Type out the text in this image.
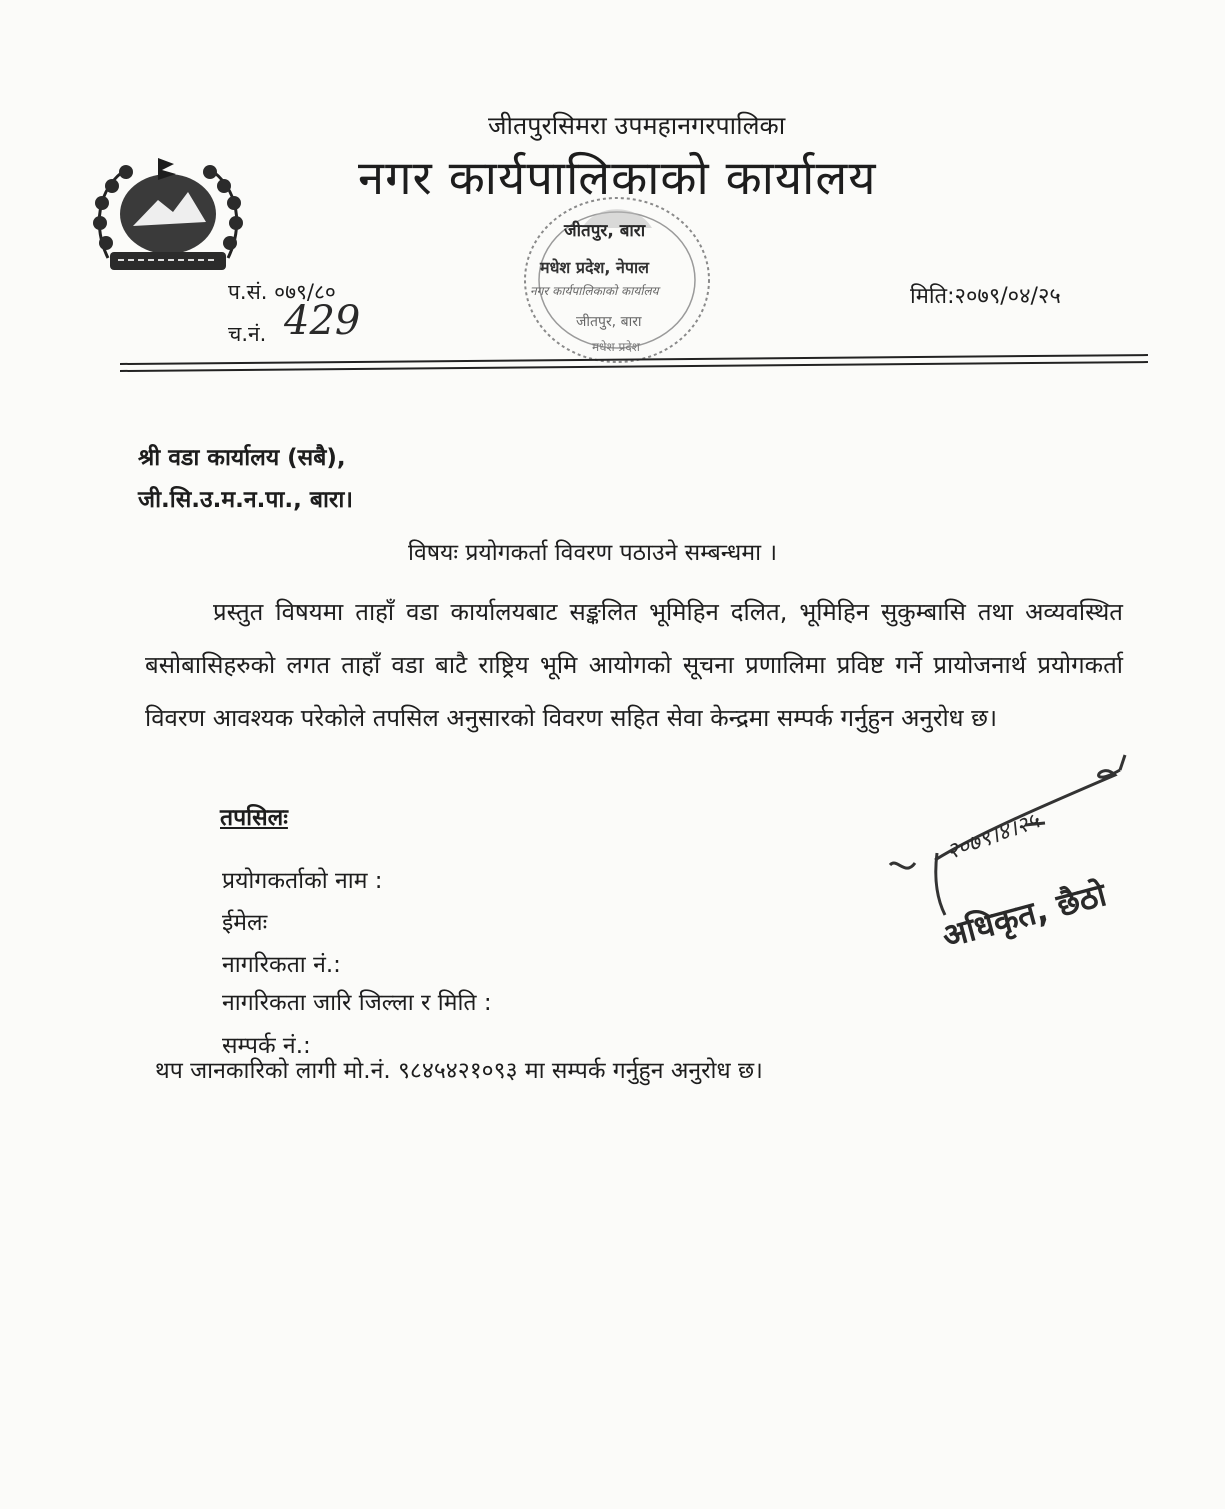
जीतपुरसिमरा उपमहानगरपालिका
नगर कार्यपालिकाको कार्यालय
जीतपुर, बारा
मधेश प्रदेश, नेपाल
नगर कार्यपालिकाको कार्यालय
जीतपुर, बारा
मधेश प्रदेश
प.सं. ०७९/८०
च.नं. 429
मिति:२०७९/०४/२५
श्री वडा कार्यालय (सबै),
जी.सि.उ.म.न.पा., बारा।
विषयः प्रयोगकर्ता विवरण पठाउने सम्बन्धमा ।
प्रस्तुत विषयमा ताहाँ वडा कार्यालयबाट सङ्कलित भूमिहिन दलित, भूमिहिन सुकुम्बासि तथा अव्यवस्थित बसोबासिहरुको लगत ताहाँ वडा बाटै राष्ट्रिय भूमि आयोगको सूचना प्रणालिमा प्रविष्ट गर्ने प्रायोजनार्थ प्रयोगकर्ता विवरण आवश्यक परेकोले तपसिल अनुसारको विवरण सहित सेवा केन्द्रमा सम्पर्क गर्नुहुन अनुरोध छ।
तपसिलः
प्रयोगकर्ताको नाम :
ईमेलः
नागरिकता नं.:
नागरिकता जारि जिल्ला र मिति :
सम्पर्क नं.:
थप जानकारिको लागी मो.नं. ९८४५४२१०९३ मा सम्पर्क गर्नुहुन अनुरोध छ।
२०७९।४।२५
अधिकृत, छैठो
